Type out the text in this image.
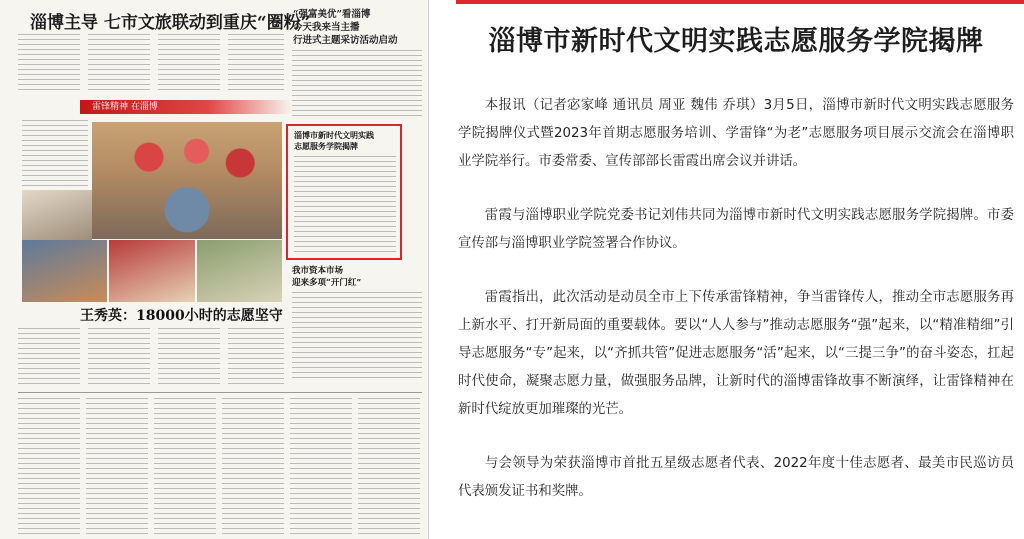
淄博主导 七市文旅联动到重庆“圈粉”
“强富美优”看淄博
今天我来当主播
行进式主题采访活动启动
雷锋精神 在淄博
淄博市新时代文明实践
志愿服务学院揭牌
我市资本市场
迎来多项“开门红”
王秀英：18000小时的志愿坚守
淄博市新时代文明实践志愿服务学院揭牌

本报讯（记者宓家峰 通讯员 周亚 魏伟 乔琪）3月5日，淄博市新时代文明实践志愿服务学院揭牌仪式暨2023年首期志愿服务培训、学雷锋“为老”志愿服务项目展示交流会在淄博职业学院举行。市委常委、宣传部部长雷霞出席会议并讲话。

雷霞与淄博职业学院党委书记刘伟共同为淄博市新时代文明实践志愿服务学院揭牌。市委宣传部与淄博职业学院签署合作协议。

雷霞指出，此次活动是动员全市上下传承雷锋精神，争当雷锋传人，推动全市志愿服务再上新水平、打开新局面的重要载体。要以“人人参与”推动志愿服务“强”起来，以“精准精细”引导志愿服务“专”起来，以“齐抓共管”促进志愿服务“活”起来，以“三提三争”的奋斗姿态，扛起时代使命，凝聚志愿力量，做强服务品牌，让新时代的淄博雷锋故事不断演绎，让雷锋精神在新时代绽放更加璀璨的光芒。

与会领导为荣获淄博市首批五星级志愿者代表、2022年度十佳志愿者、最美市民巡访员代表颁发证书和奖牌。
